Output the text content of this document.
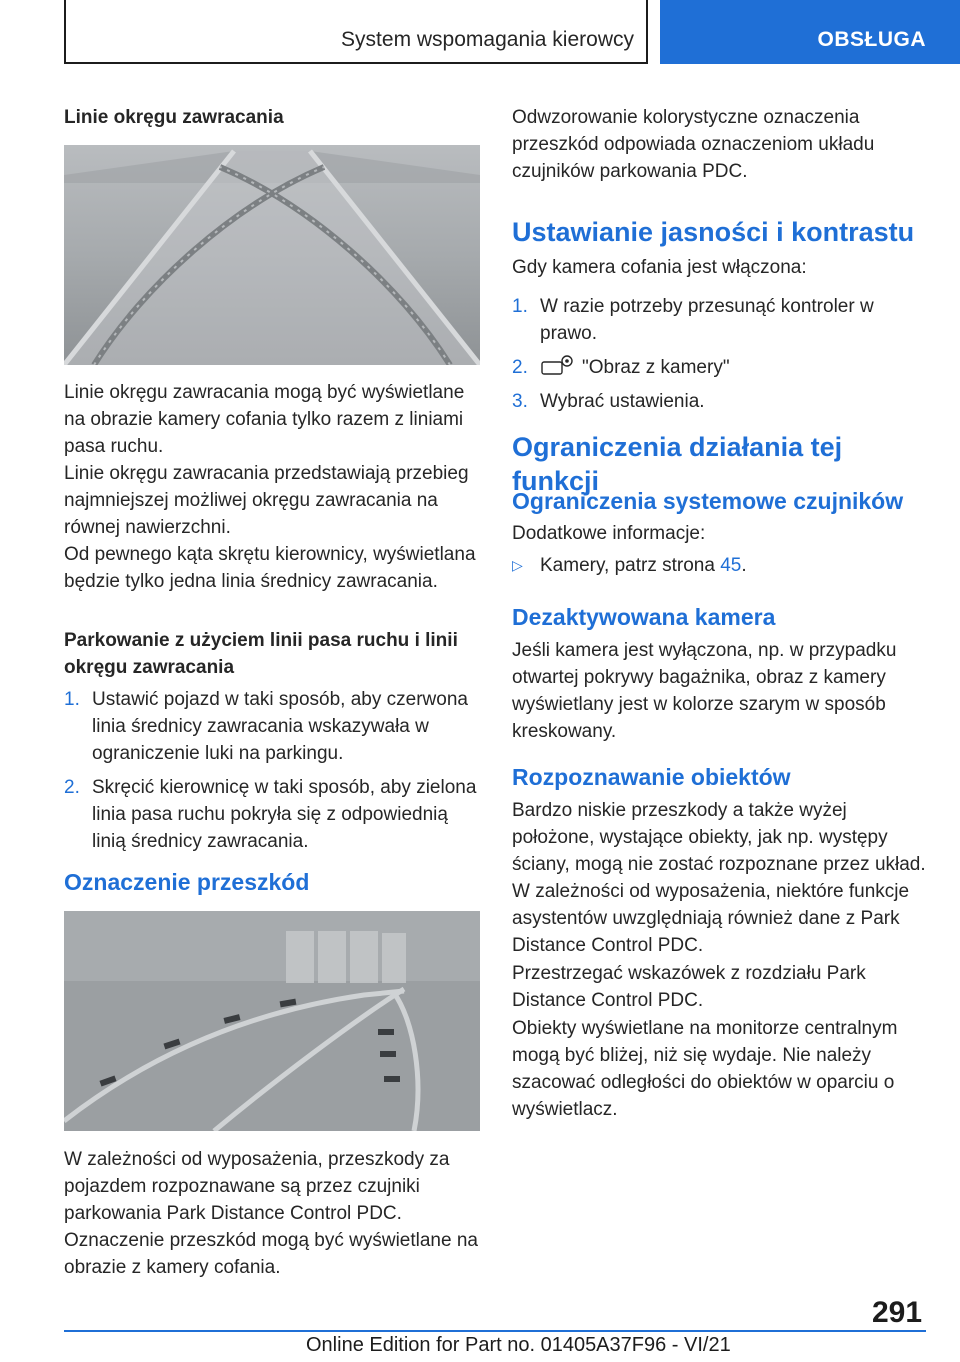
System wspomagania kierowcy	OBSŁUGA
Linie okręgu zawracania

Linie okręgu zawracania mogą być wyświetlane na obrazie kamery cofania tylko razem z liniami pasa ruchu.

Linie okręgu zawracania przedstawiają przebieg najmniejszej możliwej okręgu zawracania na równej nawierzchni.

Od pewnego kąta skrętu kierownicy, wyświetlana będzie tylko jedna linia średnicy zawracania.

Parkowanie z użyciem linii pasa ruchu i linii okręgu zawracania
1. Ustawić pojazd w taki sposób, aby czerwona linia średnicy zawracania wskazywała w ograniczenie luki na parkingu.
2. Skręcić kierownicę w taki sposób, aby zielona linia pasa ruchu pokryła się z odpowiednią linią średnicy zawracania.
Oznaczenie przeszkód

W zależności od wyposażenia, przeszkody za pojazdem rozpoznawane są przez czujniki parkowania Park Distance Control PDC.

Oznaczenie przeszkód mogą być wyświetlane na obrazie z kamery cofania.

Odwzorowanie kolorystyczne oznaczenia przeszkód odpowiada oznaczeniom układu czujników parkowania PDC.

Ustawianie jasności i kontrastu

Gdy kamera cofania jest włączona:

1. W razie potrzeby przesunąć kontroler w prawo.
2.	"Obraz z kamery"
3. Wybrać ustawienia.
Ograniczenia działania tej funkcji
Ograniczenia systemowe czujników

Dodatkowe informacje:

▷ Kamery, patrz strona 45.
Dezaktywowana kamera

Jeśli kamera jest wyłączona, np. w przypadku otwartej pokrywy bagażnika, obraz z kamery wyświetlany jest w kolorze szarym w sposób kreskowany.

Rozpoznawanie obiektów

Bardzo niskie przeszkody a także wyżej położone, wystające obiekty, jak np. występy ściany, mogą nie zostać rozpoznane przez układ.

W zależności od wyposażenia, niektóre funkcje asystentów uwzględniają również dane z Park Distance Control PDC.

Przestrzegać wskazówek z rozdziału Park Distance Control PDC.

Obiekty wyświetlane na monitorze centralnym mogą być bliżej, niż się wydaje. Nie należy szacować odległości do obiektów w oparciu o wyświetlacz.

291
Online Edition for Part no. 01405A37F96 - VI/21
